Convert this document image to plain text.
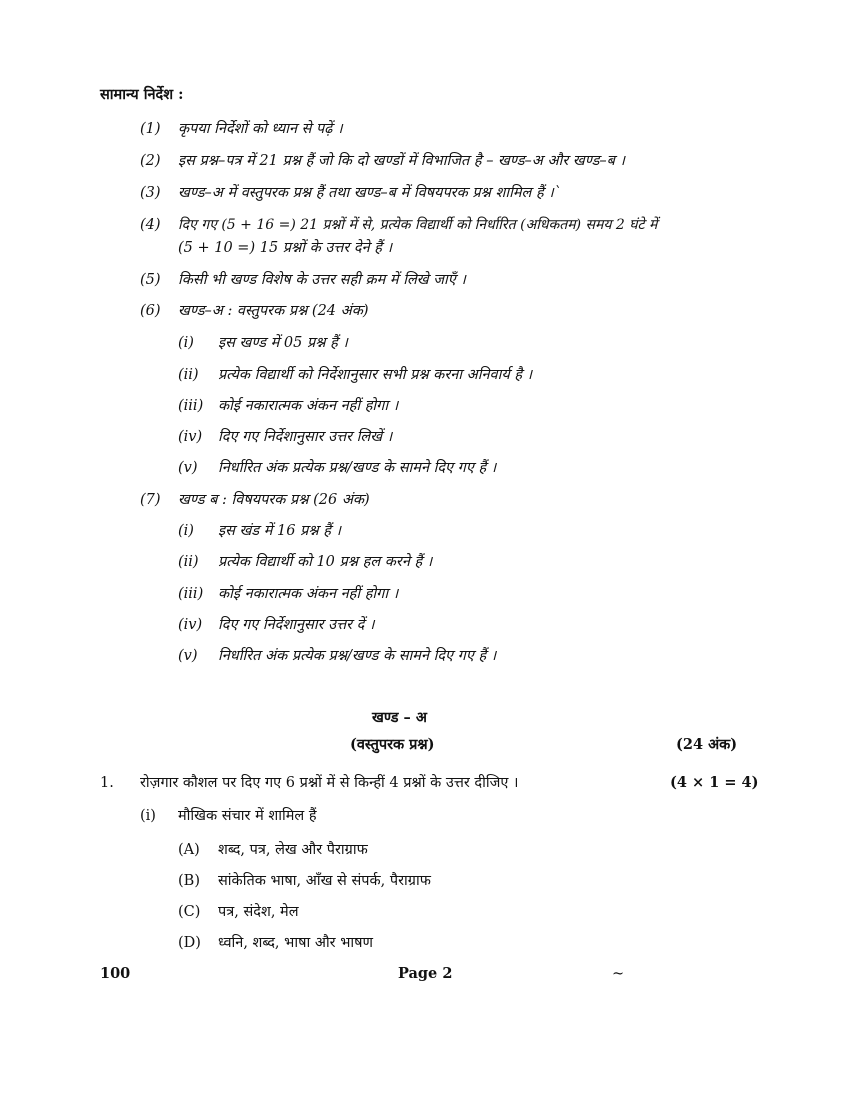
सामान्य निर्देश :
(1) कृपया निर्देशों को ध्यान से पढ़ें ।
(2) इस प्रश्न–पत्र में 21 प्रश्न हैं जो कि दो खण्डों में विभाजित है – खण्ड–अ और खण्ड–ब ।
(3) खण्ड–अ में वस्तुपरक प्रश्न हैं तथा खण्ड–ब में विषयपरक प्रश्न शामिल हैं ।`
(4) दिए गए (5 + 16 =) 21 प्रश्नों में से, प्रत्येक विद्यार्थी को निर्धारित (अधिकतम) समय 2 घंटे में
(5 + 10 =) 15 प्रश्नों के उत्तर देने हैं ।
(5) किसी भी खण्ड विशेष के उत्तर सही क्रम में लिखे जाएँ ।
(6) खण्ड–अ : वस्तुपरक प्रश्न (24 अंक)
(i) इस खण्ड में 05 प्रश्न हैं ।
(ii) प्रत्येक विद्यार्थी को निर्देशानुसार सभी प्रश्न करना अनिवार्य है ।
(iii) कोई नकारात्मक अंकन नहीं होगा ।
(iv) दिए गए निर्देशानुसार उत्तर लिखें ।
(v) निर्धारित अंक प्रत्येक प्रश्न/खण्ड के सामने दिए गए हैं ।
(7) खण्ड ब : विषयपरक प्रश्न (26 अंक)
(i) इस खंड में 16 प्रश्न हैं ।
(ii) प्रत्येक विद्यार्थी को 10 प्रश्न हल करने हैं ।
(iii) कोई नकारात्मक अंकन नहीं होगा ।
(iv) दिए गए निर्देशानुसार उत्तर दें ।
(v) निर्धारित अंक प्रत्येक प्रश्न/खण्ड के सामने दिए गए हैं ।
खण्ड – अ
(वस्तुपरक प्रश्न)	(24 अंक)
1. रोज़गार कौशल पर दिए गए 6 प्रश्नों में से किन्हीं 4 प्रश्नों के उत्तर दीजिए ।	(4 × 1 = 4)
(i) मौखिक संचार में शामिल हैं
(A) शब्द, पत्र, लेख और पैराग्राफ
(B) सांकेतिक भाषा, आँख से संपर्क, पैराग्राफ
(C) पत्र, संदेश, मेल
(D) ध्वनि, शब्द, भाषा और भाषण
100	Page 2	~
